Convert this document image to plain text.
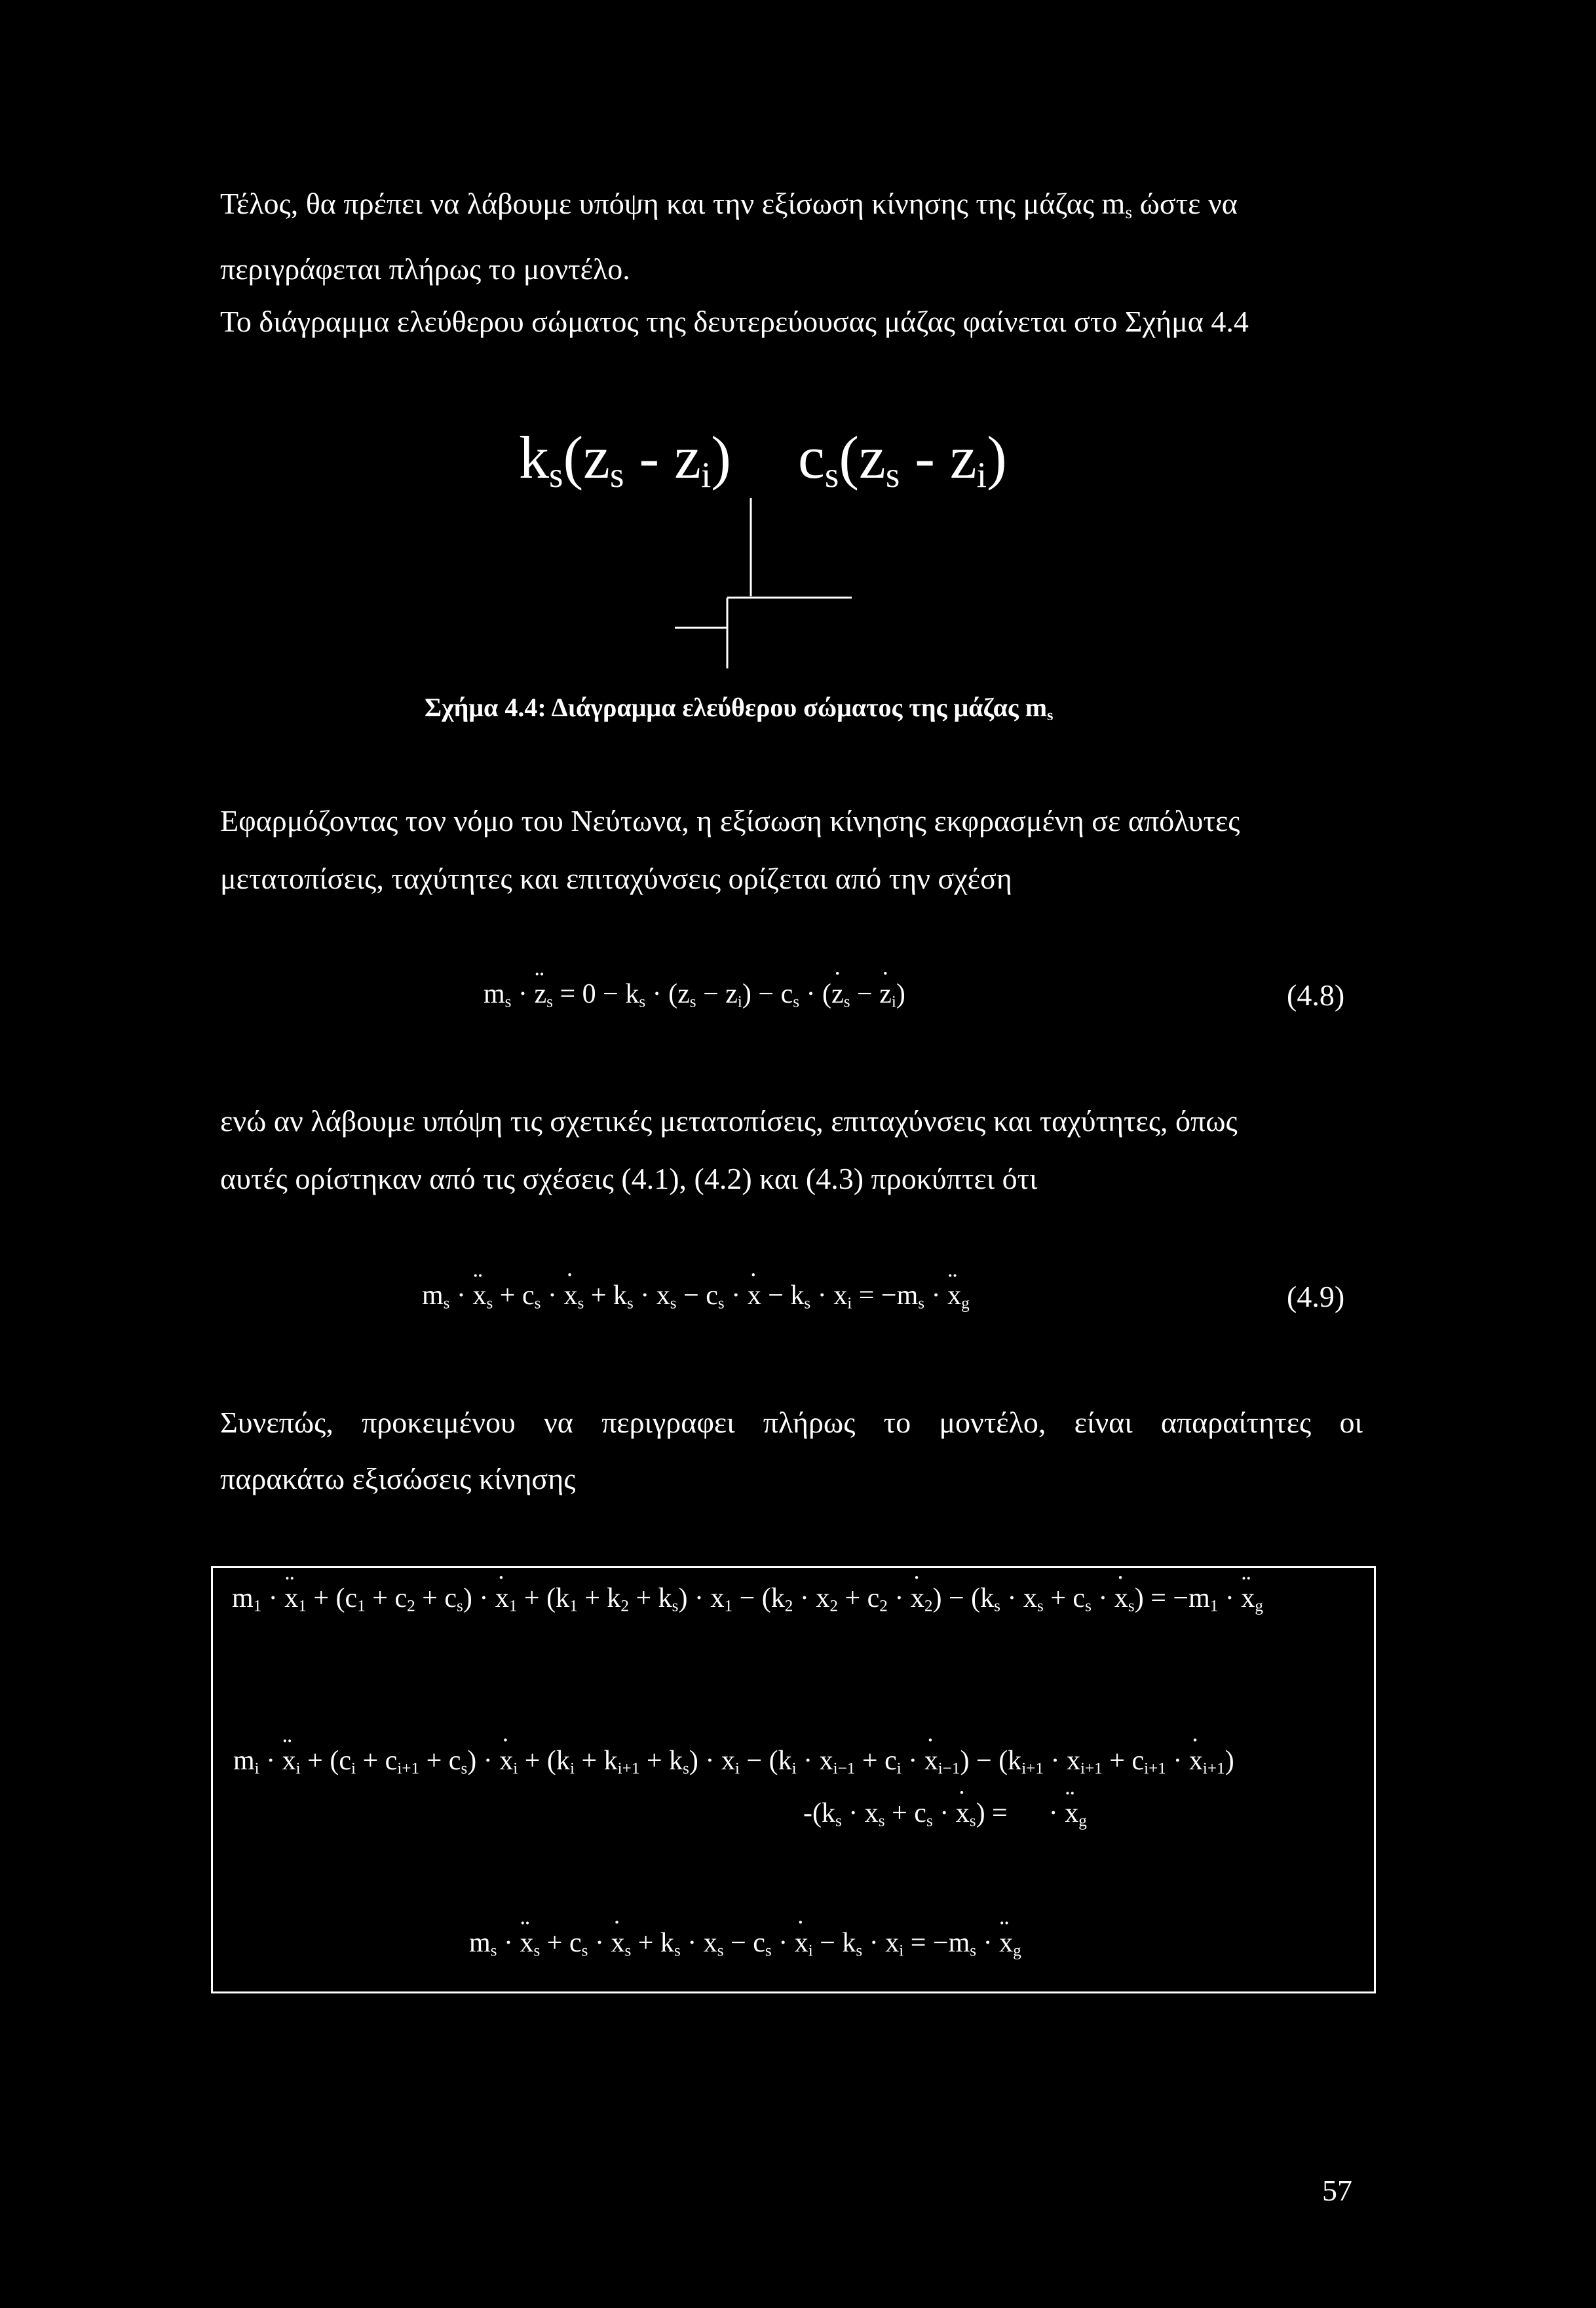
Τέλος, θα πρέπει να λάβουμε υπόψη και την εξίσωση κίνησης της μάζας $m_s$ ώστε να
περιγράφεται πλήρως το μοντέλο.
Το διάγραμμα ελεύθερου σώματος της δευτερεύουσας μάζας φαίνεται στο Σχήμα 4.4
$k_s(z_s - z_i)$ $c_s(z_s - z_i)$
Σχήμα 4.4: Διάγραμμα ελεύθερου σώματος της μάζας $m_s$
Εφαρμόζοντας τον νόμο του Νεύτωνα, η εξίσωση κίνησης εκφρασμένη σε απόλυτες
μετατοπίσεις, ταχύτητες και επιταχύνσεις ορίζεται από την σχέση
$m_s \cdot z$ $¨_s = 0 - k_s \cdot (z_s - z_i) - c_s \cdot (z$ $˙_s - z$ $˙_i$)	(4.8)
ενώ αν λάβουμε υπόψη τις σχετικές μετατοπίσεις, επιταχύνσεις και ταχύτητες, όπως
αυτές ορίστηκαν από τις σχέσεις (4.1), (4.2) και (4.3) προκύπτει ότι
$m_s \cdot x$ $¨_s + c_s \cdot x$ $˙_s + k_s \cdot x_s - c_s \cdot x$ ˙ − $k_s \cdot x_i = -m_s \cdot x$ $¨_g$	(4.9)
Συνεπώς, προκειμένου να περιγραφει πλήρως το μοντέλο, είναι απαραίτητες οι
παρακάτω εξισώσεις κίνησης
$m_1 \cdot x$ $¨_1 + (c_1 + c_2 + c_s) \cdot x$ $˙_1 + (k_1 + k_2 + k_s) \cdot x_1 - (k_2 \cdot x_2 + c_2 \cdot x$ $˙_2) - (k_s \cdot x_s + c_s \cdot x$ $˙_s) = -m_1 \cdot x$ $¨_g$
$m_i \cdot x$ $¨_i + (c_i + c_{i+1} + c_s) \cdot x$ $˙_i + (k_i + k_{i+1} + k_s) \cdot x_i - (k_i \cdot x_{i-1} + c_i \cdot x$ $˙_{i-1}) - (k_{i+1} \cdot x_{i+1} + c_{i+1} \cdot x$ $˙_{i+1}$)
$-(k_s \cdot x_s + c_s \cdot x$ $˙_s$) =      · x $¨_g$
$m_s \cdot x$ $¨_s + c_s \cdot x$ $˙_s + k_s \cdot x_s - c_s \cdot x$ $˙_i - k_s \cdot x_i = -m_s \cdot x$ $¨_g$
57
